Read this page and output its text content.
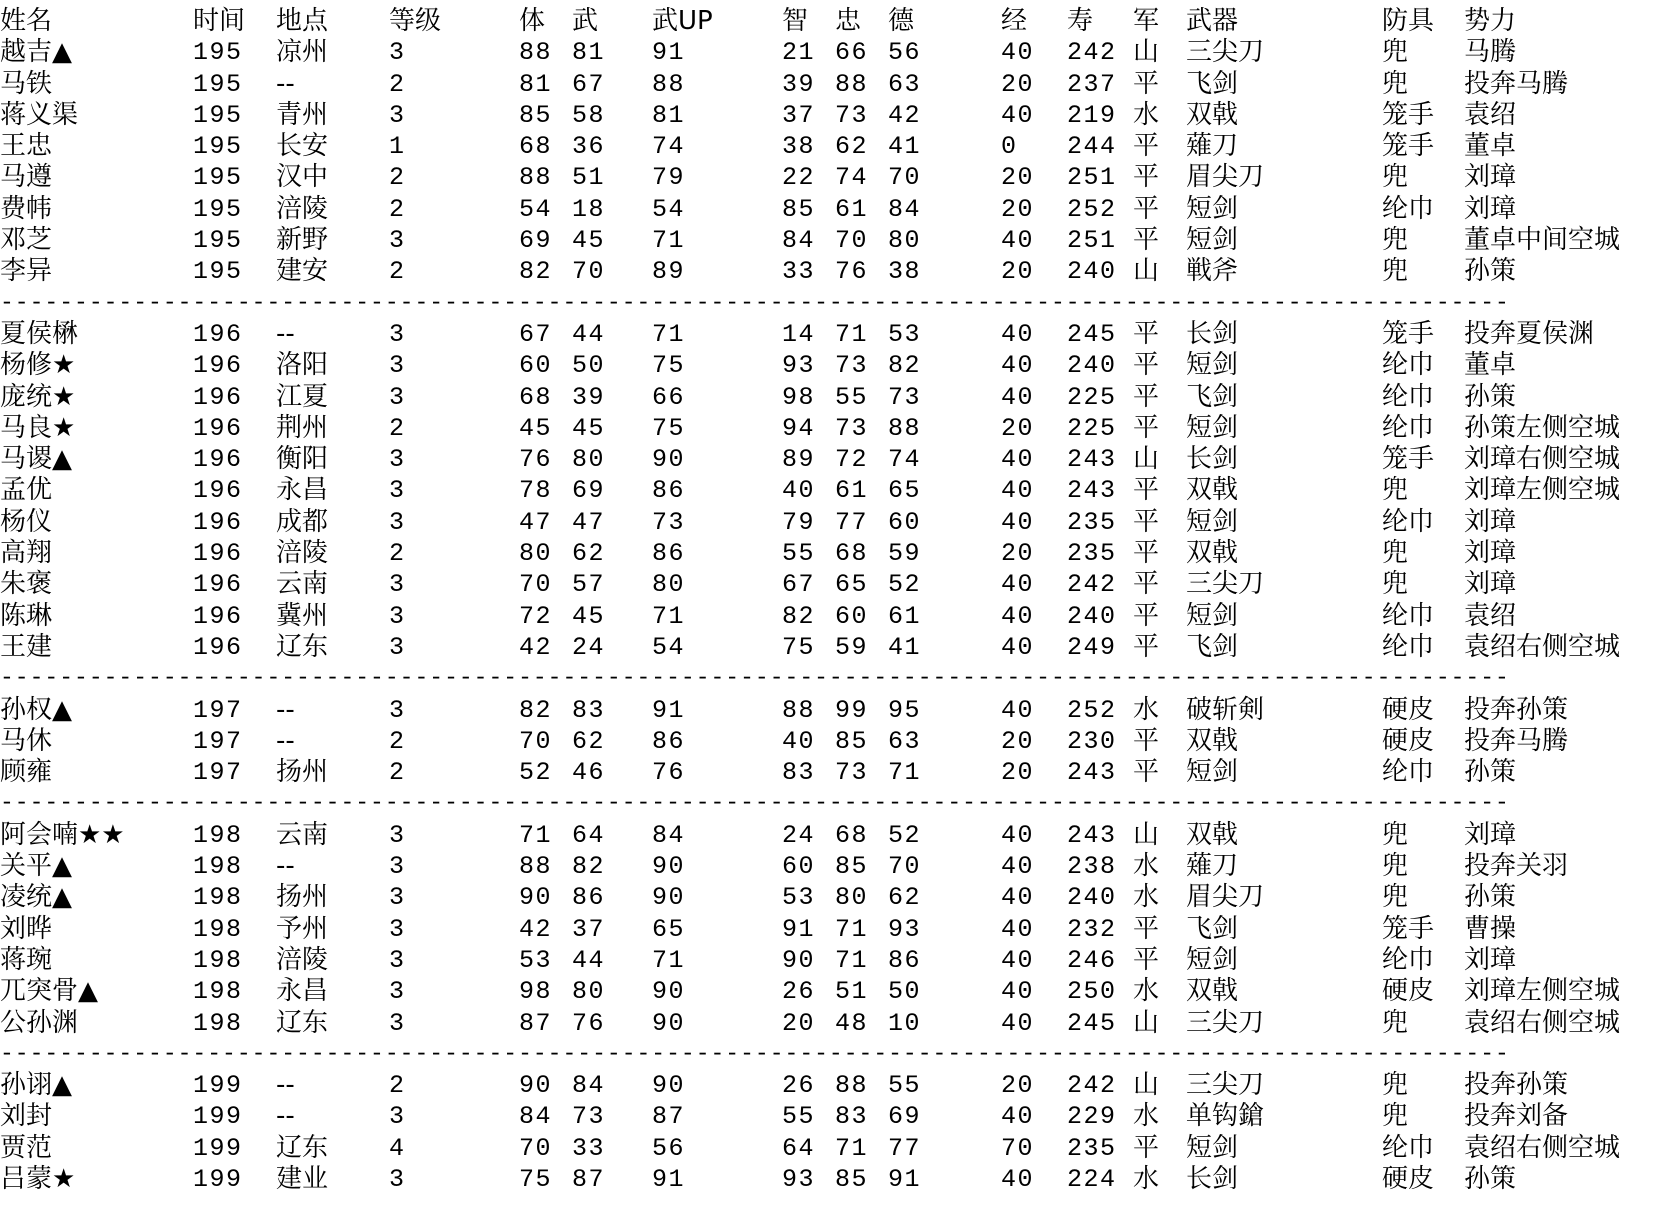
姓名	时间	地点	等级	体	武	武UP	智	忠	德	经	寿	军	武器	防具	势力
越吉▲	195	凉州	3	88 81	91	21 66 56	40	242 山	三尖刀	兜	马腾
马铁	195	--	2	81 67	88	39 88 63	20	237 平	飞剑	兜	投奔马腾
蒋义渠	195	青州	3	85 58	81	37 73 42	40	219 水	双戟	笼手	袁绍
王忠	195	长安	1	68 36	74	38 62 41	0	244 平	薙刀	笼手	董卓
马遵	195	汉中	2	88 51	79	22 74 70	20	251 平	眉尖刀	兜	刘璋
费帏	195	涪陵	2	54 18	54	85 61 84	20	252 平	短剑	纶巾	刘璋
邓芝	195	新野	3	69 45	71	84 70 80	40	251 平	短剑	兜	董卓中间空城
李异	195	建安	2	82 70	89	33 76 38	20	240 山	戦斧	兜	孙策
-----
夏侯楙	196	--	3	67 44	71	14 71 53	40	245 平	长剑	笼手	投奔夏侯渊
杨修★	196	洛阳	3	60 50	75	93 73 82	40	240 平	短剑	纶巾	董卓
庞统★	196	江夏	3	68 39	66	98 55 73	40	225 平	飞剑	纶巾	孙策
马良★	196	荆州	2	45 45	75	94 73 88	20	225 平	短剑	纶巾	孙策左侧空城
马谡▲	196	衡阳	3	76 80	90	89 72 74	40	243 山	长剑	笼手	刘璋右侧空城
孟优	196	永昌	3	78 69	86	40 61 65	40	243 平	双戟	兜	刘璋左侧空城
杨仪	196	成都	3	47 47	73	79 77 60	40	235 平	短剑	纶巾	刘璋
高翔	196	涪陵	2	80 62	86	55 68 59	20	235 平	双戟	兜	刘璋
朱褒	196	云南	3	70 57	80	67 65 52	40	242 平	三尖刀	兜	刘璋
陈琳	196	冀州	3	72 45	71	82 60 61	40	240 平	短剑	纶巾	袁绍
王建	196	辽东	3	42 24	54	75 59 41	40	249 平	飞剑	纶巾	袁绍右侧空城
-----
孙权▲	197	--	3	82 83	91	88 99 95	40	252 水	破斩剣	硬皮	投奔孙策
马休	197	--	2	70 62	86	40 85 63	20	230 平	双戟	硬皮	投奔马腾
顾雍	197	扬州	2	52 46	76	83 73 71	20	243 平	短剑	纶巾	孙策
-----
阿会喃★★	198	云南	3	71 64	84	24 68 52	40	243 山	双戟	兜	刘璋
关平▲	198	--	3	88 82	90	60 85 70	40	238 水	薙刀	兜	投奔关羽
凌统▲	198	扬州	3	90 86	90	53 80 62	40	240 水	眉尖刀	兜	孙策
刘晔	198	予州	3	42 37	65	91 71 93	40	232 平	飞剑	笼手	曹操
蒋琬	198	涪陵	3	53 44	71	90 71 86	40	246 平	短剑	纶巾	刘璋
兀突骨▲	198	永昌	3	98 80	90	26 51 50	40	250 水	双戟	硬皮	刘璋左侧空城
公孙渊	198	辽东	3	87 76	90	20 48 10	40	245 山	三尖刀	兜	袁绍右侧空城
-----
孙诩▲	199	--	2	90 84	90	26 88 55	20	242 山	三尖刀	兜	投奔孙策
刘封	199	--	3	84 73	87	55 83 69	40	229 水	单钩鎗	兜	投奔刘备
贾范	199	辽东	4	70 33	56	64 71 77	70	235 平	短剑	纶巾	袁绍右侧空城
吕蒙★	199	建业	3	75 87	91	93 85 91	40	224 水	长剑	硬皮	孙策
